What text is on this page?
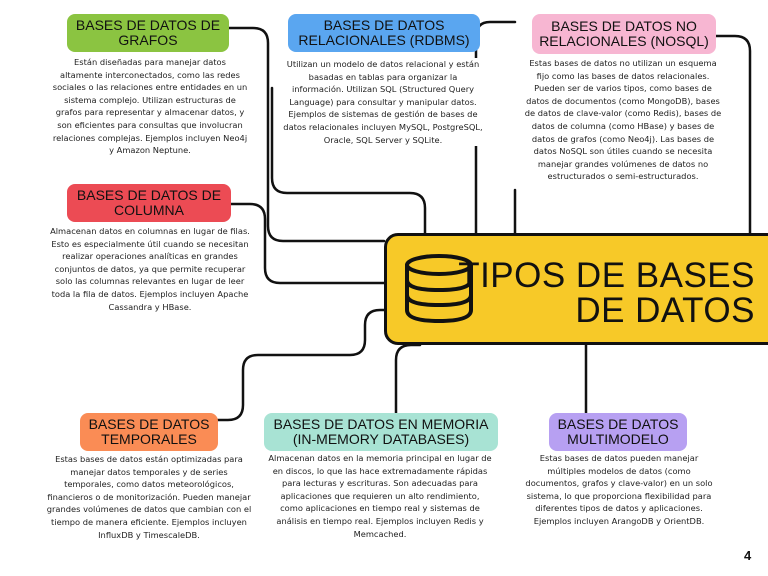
BASES DE DATOS DE
GRAFOS

Están diseñadas para manejar datos altamente interconectados, como las redes sociales o las relaciones entre entidades en un sistema complejo. Utilizan estructuras de grafos para representar y almacenar datos, y son eficientes para consultas que involucran relaciones complejas. Ejemplos incluyen Neo4j y Amazon Neptune.

BASES DE DATOS
RELACIONALES (RDBMS)

Utilizan un modelo de datos relacional y están basadas en tablas para organizar la información. Utilizan SQL (Structured Query Language) para consultar y manipular datos. Ejemplos de sistemas de gestión de bases de datos relacionales incluyen MySQL, PostgreSQL, Oracle, SQL Server y SQLite.

BASES DE DATOS NO
RELACIONALES (NOSQL)

Estas bases de datos no utilizan un esquema fijo como las bases de datos relacionales. Pueden ser de varios tipos, como bases de datos de documentos (como MongoDB), bases de datos de clave-valor (como Redis), bases de datos de columna (como HBase) y bases de datos de grafos (como Neo4j). Las bases de datos NoSQL son útiles cuando se necesita manejar grandes volúmenes de datos no estructurados o semi-estructurados.

BASES DE DATOS DE
COLUMNA

Almacenan datos en columnas en lugar de filas. Esto es especialmente útil cuando se necesitan realizar operaciones analíticas en grandes conjuntos de datos, ya que permite recuperar solo las columnas relevantes en lugar de leer toda la fila de datos. Ejemplos incluyen Apache Cassandra y HBase.

TIPOS DE BASES
DE DATOS
BASES DE DATOS
TEMPORALES

Estas bases de datos están optimizadas para manejar datos temporales y de series temporales, como datos meteorológicos, financieros o de monitorización. Pueden manejar grandes volúmenes de datos que cambian con el tiempo de manera eficiente. Ejemplos incluyen InfluxDB y TimescaleDB.

BASES DE DATOS EN MEMORIA
(IN-MEMORY DATABASES)

Almacenan datos en la memoria principal en lugar de en discos, lo que las hace extremadamente rápidas para lecturas y escrituras. Son adecuadas para aplicaciones que requieren un alto rendimiento, como aplicaciones en tiempo real y sistemas de análisis en tiempo real. Ejemplos incluyen Redis y Memcached.

BASES DE DATOS
MULTIMODELO

Estas bases de datos pueden manejar múltiples modelos de datos (como documentos, grafos y clave-valor) en un solo sistema, lo que proporciona flexibilidad para diferentes tipos de datos y aplicaciones. Ejemplos incluyen ArangoDB y OrientDB.

4
